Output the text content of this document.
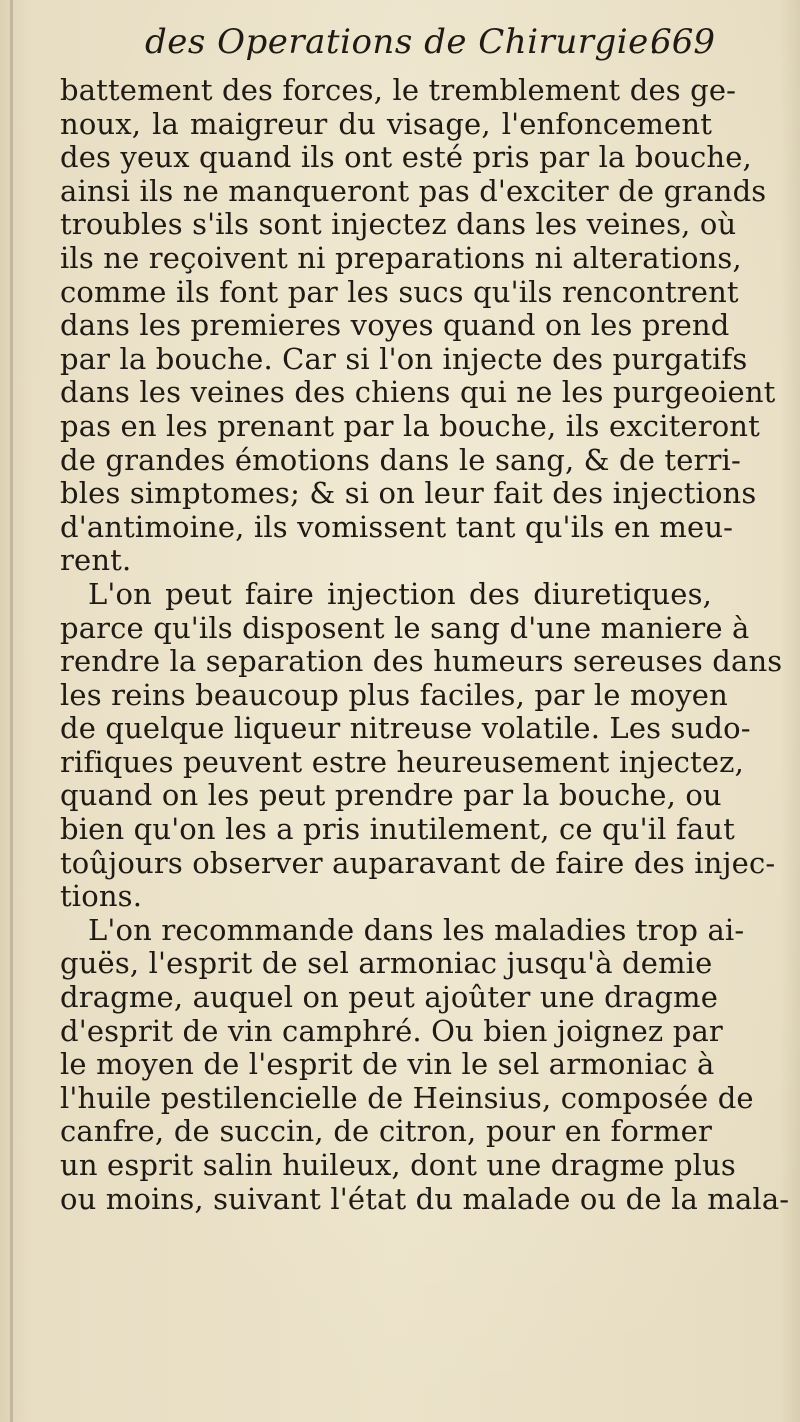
des Operations de Chirurgie.
669
battement des forces, le tremblement des ge-
noux, la maigreur du visage, l'enfoncement
des yeux quand ils ont esté pris par la bouche,
ainsi ils ne manqueront pas d'exciter de grands
troubles s'ils sont injectez dans les veines, où
ils ne reçoivent ni preparations ni alterations,
comme ils font par les sucs qu'ils rencontrent
dans les premieres voyes quand on les prend
par la bouche. Car si l'on injecte des purgatifs
dans les veines des chiens qui ne les purgeoient
pas en les prenant par la bouche, ils exciteront
de grandes émotions dans le sang, & de terri-
bles simptomes; & si on leur fait des injections
d'antimoine, ils vomissent tant qu'ils en meu-
rent.
L'on peut faire injection des diuretiques,
parce qu'ils disposent le sang d'une maniere à
rendre la separation des humeurs sereuses dans
les reins beaucoup plus faciles, par le moyen
de quelque liqueur nitreuse volatile. Les sudo-
rifiques peuvent estre heureusement injectez,
quand on les peut prendre par la bouche, ou
bien qu'on les a pris inutilement, ce qu'il faut
toûjours observer auparavant de faire des injec-
tions.
L'on recommande dans les maladies trop ai-
guës, l'esprit de sel armoniac jusqu'à demie
dragme, auquel on peut ajoûter une dragme
d'esprit de vin camphré. Ou bien joignez par
le moyen de l'esprit de vin le sel armoniac à
l'huile pestilencielle de Heinsius, composée de
canfre, de succin, de citron, pour en former
un esprit salin huileux, dont une dragme plus
ou moins, suivant l'état du malade ou de la mala-
